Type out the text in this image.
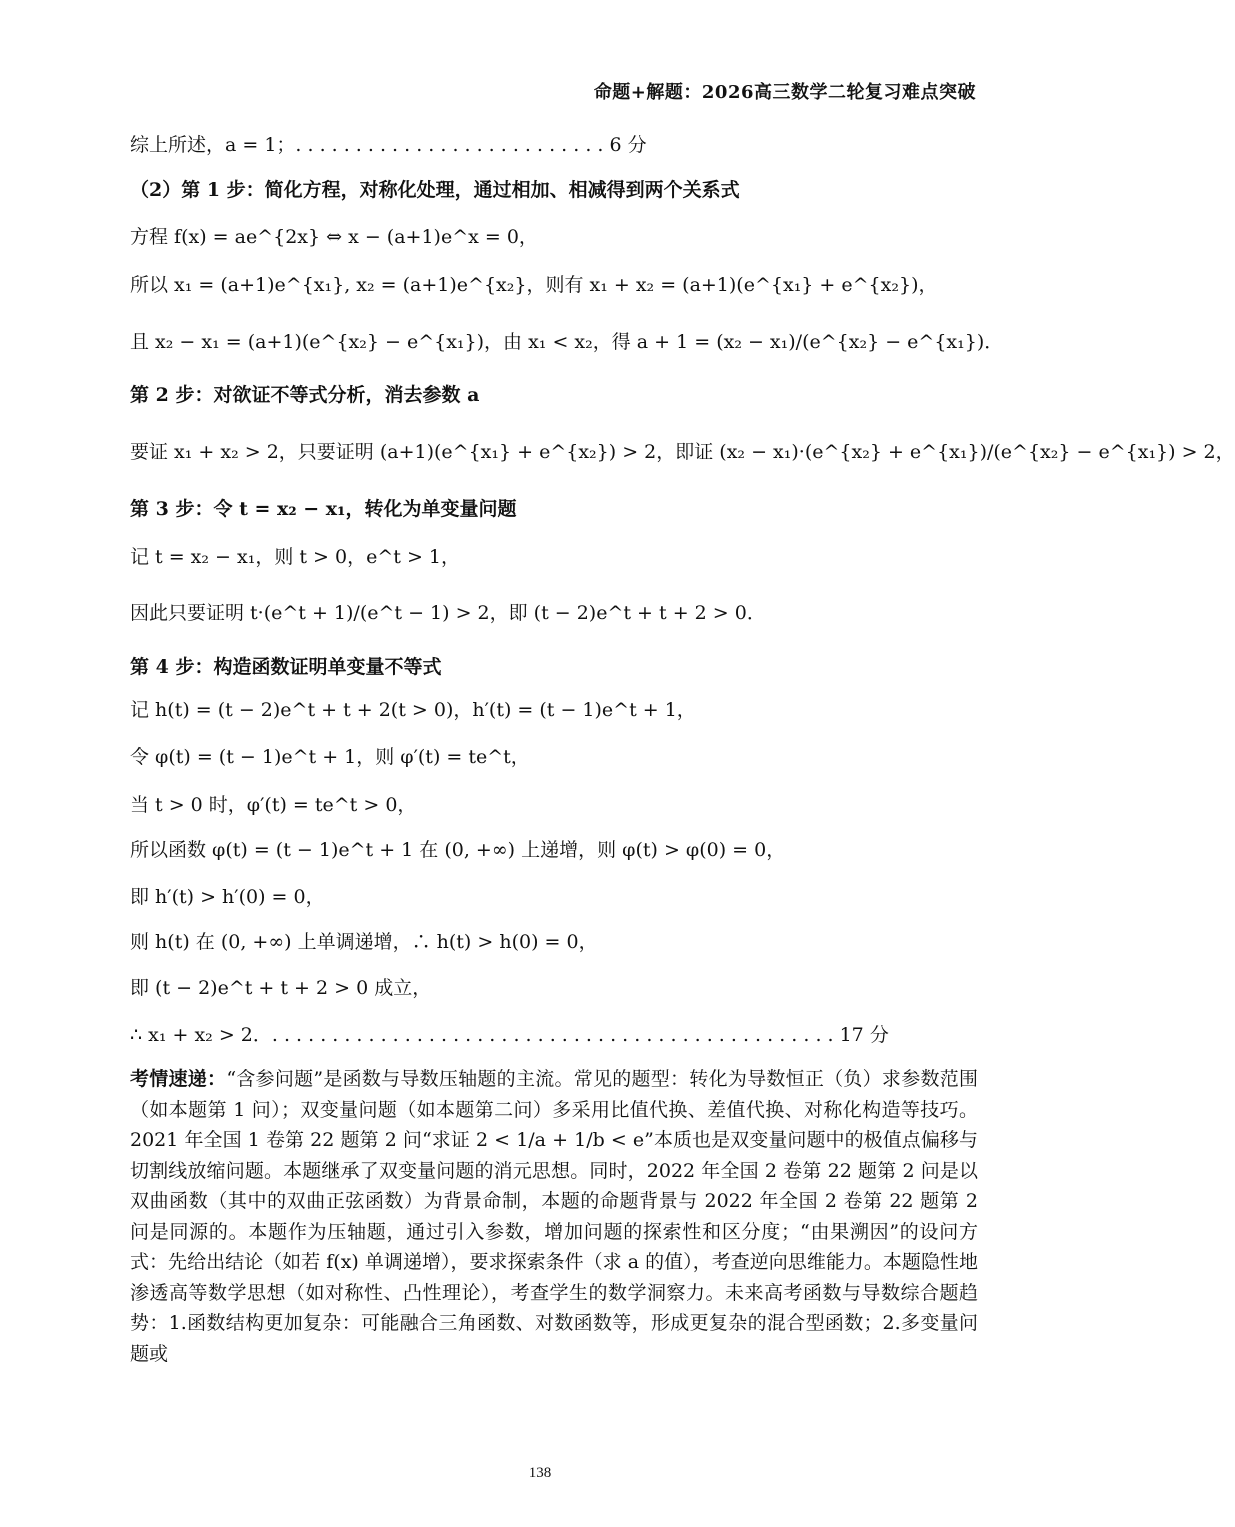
命题+解题：2026高三数学二轮复习难点突破
综上所述，a = 1；. . . . . . . . . . . . . . . . . . . . . . . . . . 6 分
（2）第 1 步：简化方程，对称化处理，通过相加、相减得到两个关系式
方程 f(x) = ae^{2x} ⇔ x − (a+1)e^x = 0，
所以 x₁ = (a+1)e^{x₁}, x₂ = (a+1)e^{x₂}，则有 x₁ + x₂ = (a+1)(e^{x₁} + e^{x₂})，
且 x₂ − x₁ = (a+1)(e^{x₂} − e^{x₁})，由 x₁ < x₂，得 a + 1 = (x₂ − x₁)/(e^{x₂} − e^{x₁})．
第 2 步：对欲证不等式分析，消去参数 a
要证 x₁ + x₂ > 2，只要证明 (a+1)(e^{x₁} + e^{x₂}) > 2，即证 (x₂ − x₁)·(e^{x₂} + e^{x₁})/(e^{x₂} − e^{x₁}) > 2，
第 3 步：令 t = x₂ − x₁，转化为单变量问题
记 t = x₂ − x₁，则 t > 0，e^t > 1，
因此只要证明 t·(e^t + 1)/(e^t − 1) > 2，即 (t − 2)e^t + t + 2 > 0．
第 4 步：构造函数证明单变量不等式
记 h(t) = (t − 2)e^t + t + 2(t > 0)，h′(t) = (t − 1)e^t + 1，
令 φ(t) = (t − 1)e^t + 1，则 φ′(t) = te^t，
当 t > 0 时，φ′(t) = te^t > 0，
所以函数 φ(t) = (t − 1)e^t + 1 在 (0, +∞) 上递增，则 φ(t) > φ(0) = 0，
即 h′(t) > h′(0) = 0，
则 h(t) 在 (0, +∞) 上单调递增，∴ h(t) > h(0) = 0，
即 (t − 2)e^t + t + 2 > 0 成立，
∴ x₁ + x₂ > 2．. . . . . . . . . . . . . . . . . . . . . . . . . . . . . . . . . . . . . . . . . . . . . . . 17 分
考情速递：“含参问题”是函数与导数压轴题的主流。常见的题型：转化为导数恒正（负）求参数范围（如本题第 1 问）；双变量问题（如本题第二问）多采用比值代换、差值代换、对称化构造等技巧。2021 年全国 1 卷第 22 题第 2 问“求证 2 < 1/a + 1/b < e”本质也是双变量问题中的极值点偏移与切割线放缩问题。本题继承了双变量问题的消元思想。同时，2022 年全国 2 卷第 22 题第 2 问是以双曲函数（其中的双曲正弦函数）为背景命制，本题的命题背景与 2022 年全国 2 卷第 22 题第 2 问是同源的。本题作为压轴题，通过引入参数，增加问题的探索性和区分度；“由果溯因”的设问方式：先给出结论（如若 f(x) 单调递增），要求探索条件（求 a 的值），考查逆向思维能力。本题隐性地渗透高等数学思想（如对称性、凸性理论），考查学生的数学洞察力。未来高考函数与导数综合题趋势：1.函数结构更加复杂：可能融合三角函数、对数函数等，形成更复杂的混合型函数；2.多变量问题或
138
